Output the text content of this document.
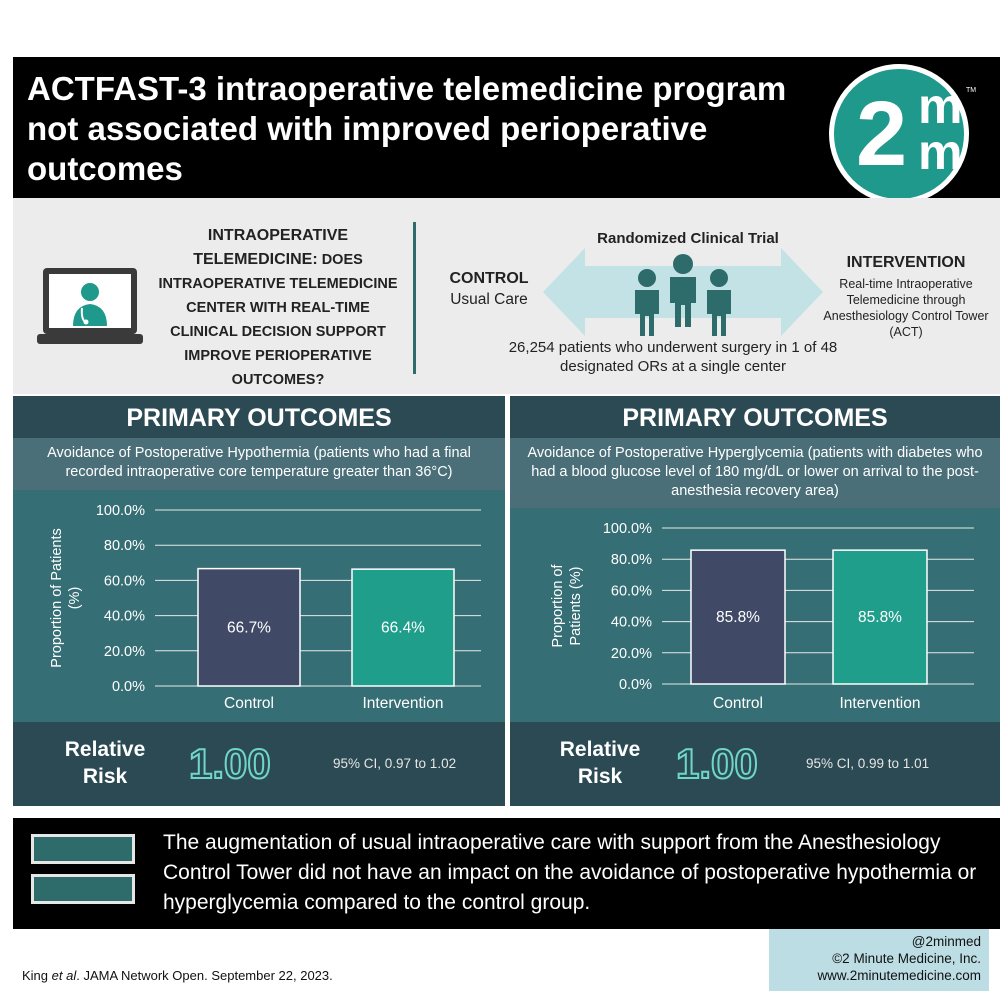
ACTFAST-3 intraoperative telemedicine program not associated with improved perioperative outcomes	2 m
m
TM
INTRAOPERATIVE TELEMEDICINE: DOES INTRAOPERATIVE TELEMEDICINE CENTER WITH REAL-TIME CLINICAL DECISION SUPPORT IMPROVE PERIOPERATIVE OUTCOMES?
Randomized Clinical Trial
CONTROL
Usual Care
INTERVENTION
Real-time Intraoperative Telemedicine through Anesthesiology Control Tower (ACT)
26,254 patients who underwent surgery in 1 of 48 designated ORs at a single center
PRIMARY OUTCOMES
Avoidance of Postoperative Hypothermia (patients who had a final recorded intraoperative core temperature greater than 36°C)
0.0%
20.0%
40.0%
60.0%
80.0%
100.0%
Proportion of Patients (%)
66.7%
Control
66.4%
Intervention
Relative Risk	1.00	95% CI, 0.97 to 1.02
PRIMARY OUTCOMES
Avoidance of Postoperative Hyperglycemia (patients with diabetes who had a blood glucose level of 180 mg/dL or lower on arrival to the post-anesthesia recovery area)
0.0%
20.0%
40.0%
60.0%
80.0%
100.0%
Proportion of Patients (%)	85.8%
Control
85.8%
Intervention
Relative Risk	1.00	95% CI, 0.99 to 1.01
The augmentation of usual intraoperative care with support from the Anesthesiology Control Tower did not have an impact on the avoidance of postoperative hypothermia or hyperglycemia compared to the control group.
King et al. JAMA Network Open. September 22, 2023.
@2minmed
©2 Minute Medicine, Inc.
www.2minutemedicine.com
